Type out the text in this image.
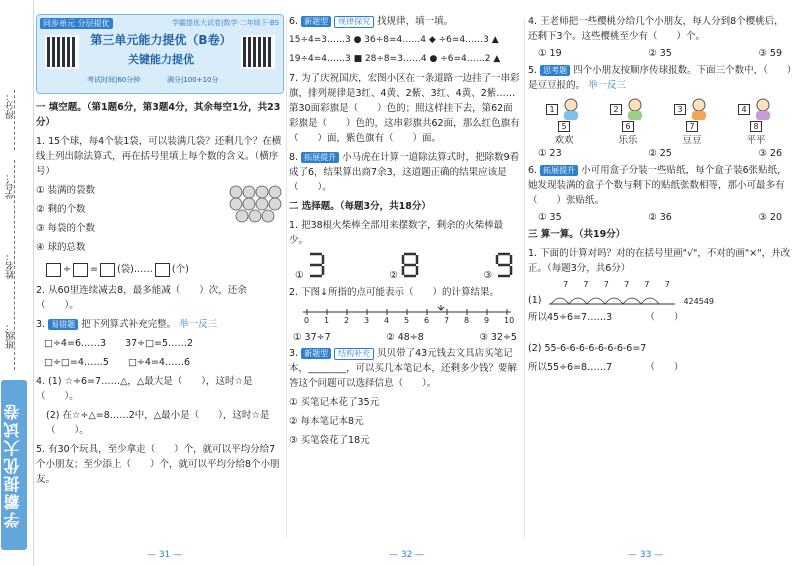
得分：
学号：
姓名：
班级：
学霸提优大试卷
同步单元 分层提优	学霸提优大试卷|数学·二年级下·BS
第三单元能力提优（B卷）
关键能力提优
考试时间|60分钟	满分|100+10分

一 填空题。（第1题6分，第3题4分，其余每空1分，共23分）

1. 15个球，每4个装1袋，可以装满几袋？还剩几个？在横线上列出除法算式，再在括号里填上每个数的含义。（横序号）

① 装满的袋数
② 剩的个数
③ 每袋的个数
④ 球的总数
÷ = (袋)…… (个)

2. 从60里连续减去8，最多能减（　　）次，还余（　　）。

3. 易错题 把下列算式补充完整。 举一反三

□÷4=6……3　　37÷□=5……2

□÷□=4……5　　□÷4=4……6

4. (1) ☆÷6=7……△，△最大是（　　），这时☆是（　　）。

(2) 在☆÷△=8……2中，△最小是（　　），这时☆是（　　）。

5. 有30个玩具，至少拿走（　　）个，就可以平均分给7个小朋友；至少添上（　　）个，就可以平均分给8个小朋友。

— 31 —

6. 新题型 规律探究 找规律，填一填。

15÷4=3……3 ● 36÷8=4……4 ◆ ÷6=4……3 ▲

19÷4=4……3 ■ 28÷8=3……4 ● ÷6=4……2 ▲

7. 为了庆祝国庆，宏图小区在一条道路一边挂了一串彩旗，排列规律是3红、4黄、2紫、3红、4黄、2紫……第30面彩旗是（　　）色的；照这样挂下去，第62面彩旗是（　　）色的，这串彩旗共62面，那么红色旗有（　　）面，紫色旗有（　　）面。

8. 拓展提升 小马虎在计算一道除法算式时，把除数9看成了6，结果算出商7余3，这道题正确的结果应该是（　　）。

二 选择题。（每题3分，共18分）

1. 把38根火柴棒全部用来摆数字，剩余的火柴棒最少。

①	②	③

2. 下图↓所指的点可能表示（　　）的计算结果。

0 1 2 3 4 5 6 7 8 9 10
① 37÷7	② 48÷8	③ 32÷5

3. 新题型 结构补充 贝贝带了43元钱去文具店买笔记本，________，可以买几本笔记本，还剩多少钱？要解答这个问题可以选择信息（　　）。

① 买笔记本花了35元

② 每本笔记本8元

③ 买笔袋花了18元

— 32 —

4. 王老师把一些樱桃分给几个小朋友，每人分到8个樱桃后，还剩下3个。这些樱桃至少有（　　）个。

① 19	② 35	③ 59

5. 思考题 四个小朋友按顺序传球报数。下面三个数中，（　　）是豆豆报的。 举一反三

1
5
欢欢
2
6
乐乐
3
7
豆豆
4
8
平平
① 23	② 25	③ 26

6. 拓展提升 小可用盒子分装一些贴纸，每个盒子装6张贴纸，她发现装满的盒子个数与剩下的贴纸张数相等，那小可最多有（　　）张贴纸。

① 35	② 36	③ 20

三 算一算。（共19分）

1. 下面的计算对吗？对的在括号里画"√"，不对的画"×"，并改正。（每题3分，共6分）

(1)
7 7 7 7 7 7
424549

所以45÷6=7……3　　　　（　　）

(2) 55-6-6-6-6-6-6-6-6=7

所以55÷6=8……7　　　　（　　）

— 33 —
